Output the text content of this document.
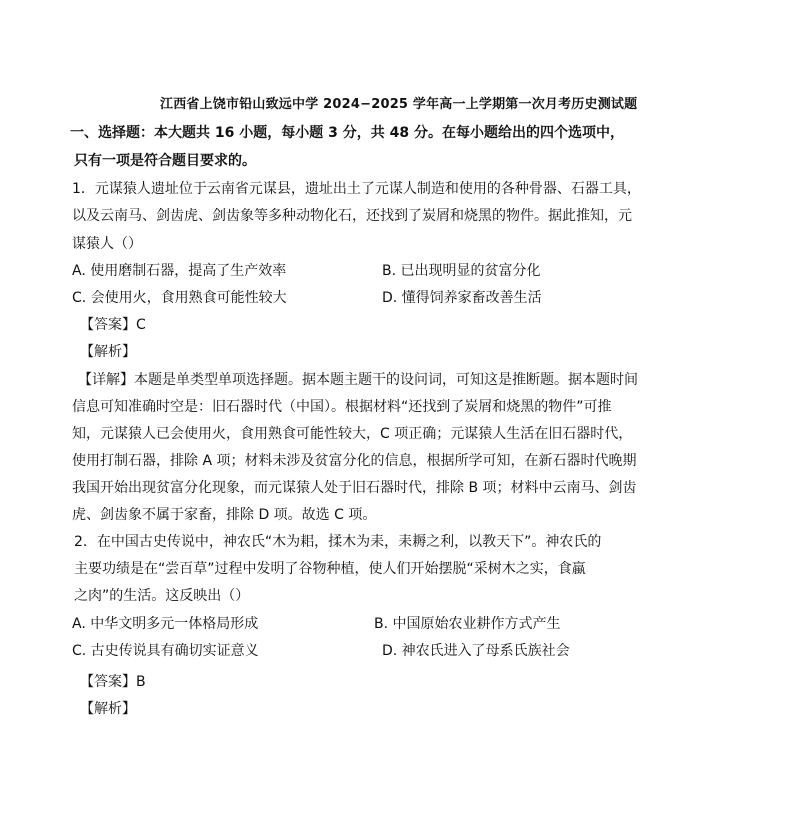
江西省上饶市铅山致远中学 2024−2025 学年高一上学期第一次月考历史测试题
一、选择题：本大题共 16 小题，每小题 3 分，共 48 分。在每小题给出的四个选项中，
只有一项是符合题目要求的。
1．元谋猿人遗址位于云南省元谋县，遗址出土了元谋人制造和使用的各种骨器、石器工具，
以及云南马、剑齿虎、剑齿象等多种动物化石，还找到了炭屑和烧黑的物件。据此推知，元
谋猿人（）
A. 使用磨制石器，提高了生产效率	B. 已出现明显的贫富分化
C. 会使用火，食用熟食可能性较大	D. 懂得饲养家畜改善生活
【答案】C
【解析】
【详解】本题是单类型单项选择题。据本题主题干的设问词，可知这是推断题。据本题时间
信息可知准确时空是：旧石器时代（中国）。根据材料“还找到了炭屑和烧黑的物件”可推
知，元谋猿人已会使用火，食用熟食可能性较大，C 项正确；元谋猿人生活在旧石器时代，
使用打制石器，排除 A 项；材料未涉及贫富分化的信息，根据所学可知，在新石器时代晚期
我国开始出现贫富分化现象，而元谋猿人处于旧石器时代，排除 B 项；材料中云南马、剑齿
虎、剑齿象不属于家畜，排除 D 项。故选 C 项。
2．在中国古史传说中，神农氏“木为耜，揉木为耒，耒耨之利，以教天下”。神农氏的
主要功绩是在“尝百草”过程中发明了谷物种植，使人们开始摆脱“采树木之实，食蠃
之肉”的生活。这反映出（）
A. 中华文明多元一体格局形成	B. 中国原始农业耕作方式产生
C. 古史传说具有确切实证意义	D. 神农氏进入了母系氏族社会
【答案】B
【解析】
